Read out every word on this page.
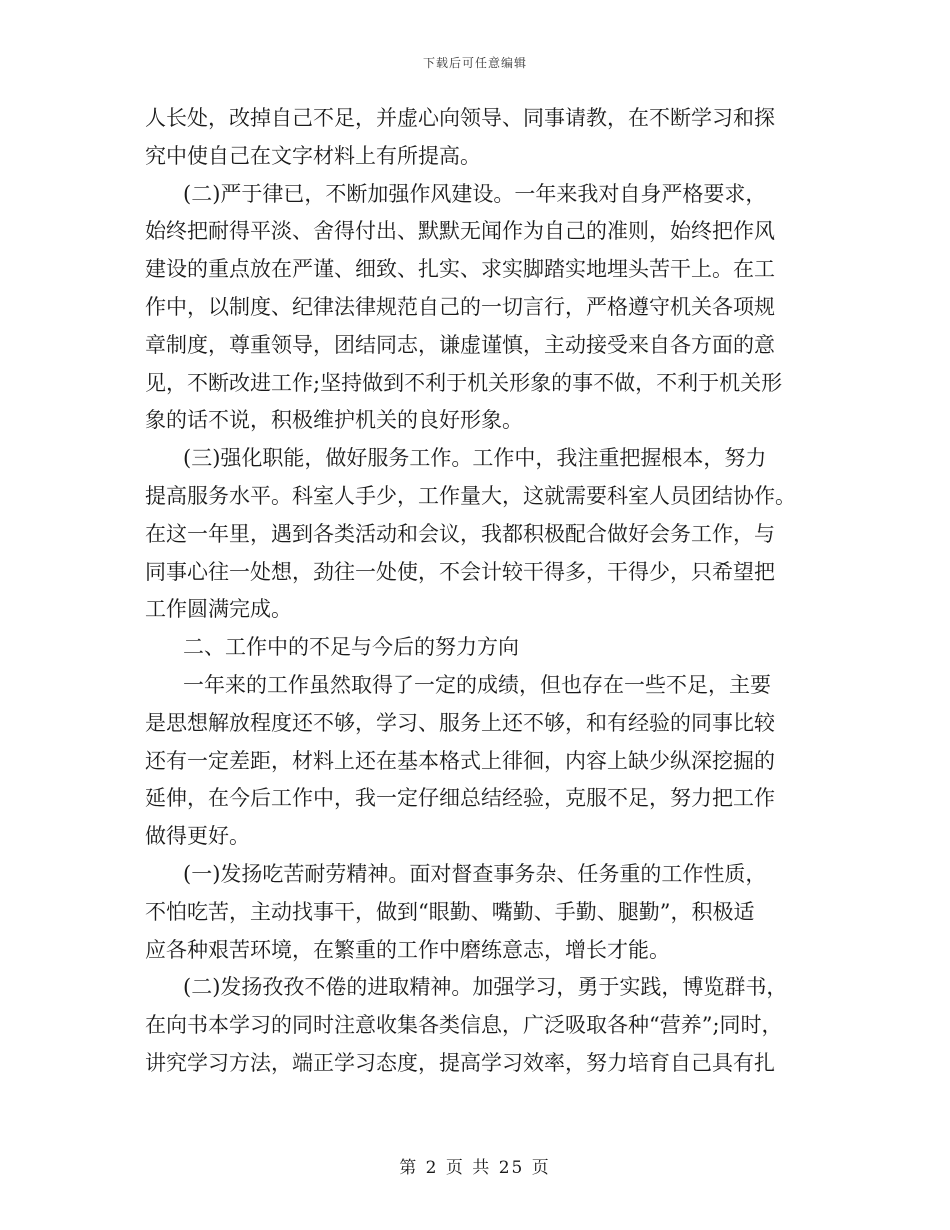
下载后可任意编辑
人长处，改掉自己不足，并虚心向领导、同事请教，在不断学习和探
究中使自己在文字材料上有所提高。
(二)严于律已，不断加强作风建设。一年来我对自身严格要求，
始终把耐得平淡、舍得付出、默默无闻作为自己的准则，始终把作风
建设的重点放在严谨、细致、扎实、求实脚踏实地埋头苦干上。在工
作中，以制度、纪律法律规范自己的一切言行，严格遵守机关各项规
章制度，尊重领导，团结同志，谦虚谨慎，主动接受来自各方面的意
见，不断改进工作;坚持做到不利于机关形象的事不做，不利于机关形
象的话不说，积极维护机关的良好形象。
(三)强化职能，做好服务工作。工作中，我注重把握根本，努力
提高服务水平。科室人手少，工作量大，这就需要科室人员团结协作。
在这一年里，遇到各类活动和会议，我都积极配合做好会务工作，与
同事心往一处想，劲往一处使，不会计较干得多，干得少，只希望把
工作圆满完成。
二、工作中的不足与今后的努力方向
一年来的工作虽然取得了一定的成绩，但也存在一些不足，主要
是思想解放程度还不够，学习、服务上还不够，和有经验的同事比较
还有一定差距，材料上还在基本格式上徘徊，内容上缺少纵深挖掘的
延伸，在今后工作中，我一定仔细总结经验，克服不足，努力把工作
做得更好。
(一)发扬吃苦耐劳精神。面对督查事务杂、任务重的工作性质，
不怕吃苦，主动找事干，做到“眼勤、嘴勤、手勤、腿勤”，积极适
应各种艰苦环境，在繁重的工作中磨练意志，增长才能。
(二)发扬孜孜不倦的进取精神。加强学习，勇于实践，博览群书，
在向书本学习的同时注意收集各类信息，广泛吸取各种“营养”;同时，
讲究学习方法，端正学习态度，提高学习效率，努力培育自己具有扎
第 2 页 共 25 页
